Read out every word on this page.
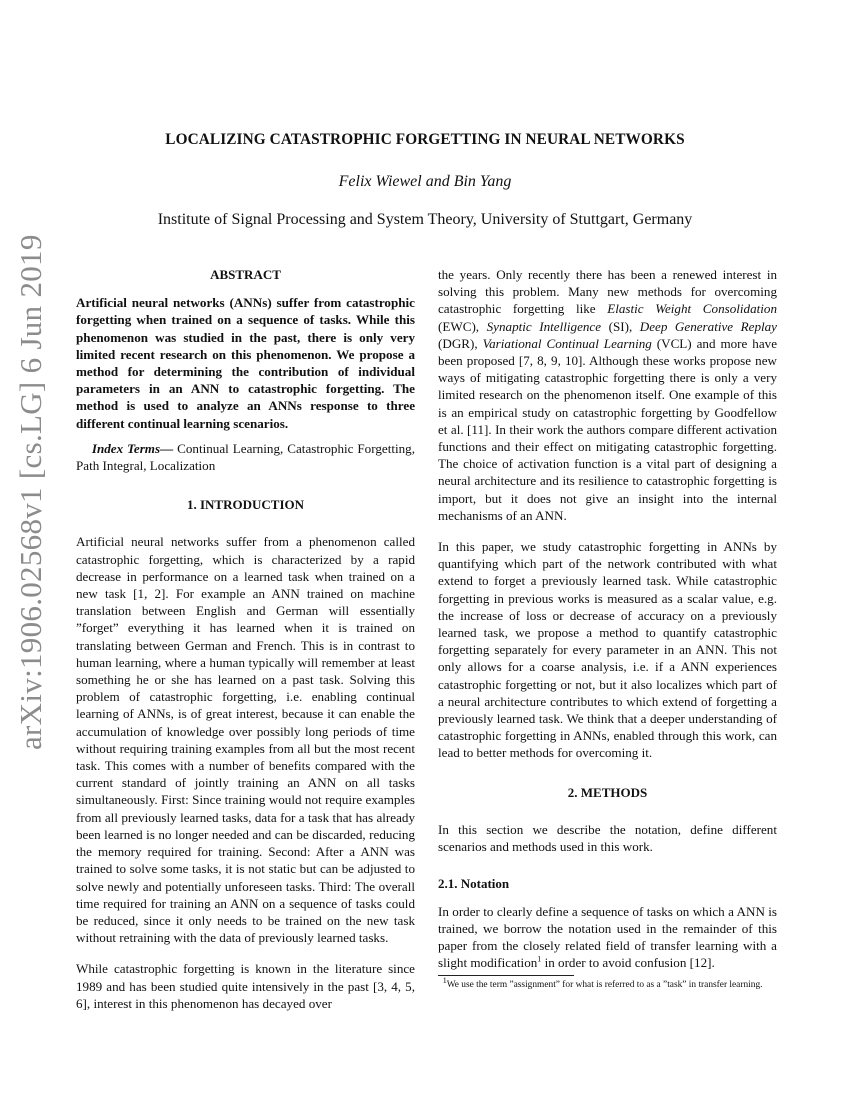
arXiv:1906.02568v1 [cs.LG] 6 Jun 2019
LOCALIZING CATASTROPHIC FORGETTING IN NEURAL NETWORKS
Felix Wiewel and Bin Yang
Institute of Signal Processing and System Theory, University of Stuttgart, Germany
ABSTRACT

Artificial neural networks (ANNs) suffer from catastrophic forgetting when trained on a sequence of tasks. While this phenomenon was studied in the past, there is only very limited recent research on this phenomenon. We propose a method for determining the contribution of individual parameters in an ANN to catastrophic forgetting. The method is used to analyze an ANNs response to three different continual learning scenarios.

Index Terms— Continual Learning, Catastrophic Forgetting, Path Integral, Localization

1. INTRODUCTION

Artificial neural networks suffer from a phenomenon called catastrophic forgetting, which is characterized by a rapid decrease in performance on a learned task when trained on a new task [1, 2]. For example an ANN trained on machine translation between English and German will essentially ”forget” everything it has learned when it is trained on translating between German and French. This is in contrast to human learning, where a human typically will remember at least something he or she has learned on a past task. Solving this problem of catastrophic forgetting, i.e. enabling continual learning of ANNs, is of great interest, because it can enable the accumulation of knowledge over possibly long periods of time without requiring training examples from all but the most recent task. This comes with a number of benefits compared with the current standard of jointly training an ANN on all tasks simultaneously. First: Since training would not require examples from all previously learned tasks, data for a task that has already been learned is no longer needed and can be discarded, reducing the memory required for training. Second: After a ANN was trained to solve some tasks, it is not static but can be adjusted to solve newly and potentially unforeseen tasks. Third: The overall time required for training an ANN on a sequence of tasks could be reduced, since it only needs to be trained on the new task without retraining with the data of previously learned tasks.

While catastrophic forgetting is known in the literature since 1989 and has been studied quite intensively in the past [3, 4, 5, 6], interest in this phenomenon has decayed over

the years. Only recently there has been a renewed interest in solving this problem. Many new methods for overcoming catastrophic forgetting like Elastic Weight Consolidation (EWC), Synaptic Intelligence (SI), Deep Generative Replay (DGR), Variational Continual Learning (VCL) and more have been proposed [7, 8, 9, 10]. Although these works propose new ways of mitigating catastrophic forgetting there is only a very limited research on the phenomenon itself. One example of this is an empirical study on catastrophic forgetting by Goodfellow et al. [11]. In their work the authors compare different activation functions and their effect on mitigating catastrophic forgetting. The choice of activation function is a vital part of designing a neural architecture and its resilience to catastrophic forgetting is import, but it does not give an insight into the internal mechanisms of an ANN.

In this paper, we study catastrophic forgetting in ANNs by quantifying which part of the network contributed with what extend to forget a previously learned task. While catastrophic forgetting in previous works is measured as a scalar value, e.g. the increase of loss or decrease of accuracy on a previously learned task, we propose a method to quantify catastrophic forgetting separately for every parameter in an ANN. This not only allows for a coarse analysis, i.e. if a ANN experiences catastrophic forgetting or not, but it also localizes which part of a neural architecture contributes to which extend of forgetting a previously learned task. We think that a deeper understanding of catastrophic forgetting in ANNs, enabled through this work, can lead to better methods for overcoming it.

2. METHODS

In this section we describe the notation, define different scenarios and methods used in this work.

2.1. Notation

In order to clearly define a sequence of tasks on which a ANN is trained, we borrow the notation used in the remainder of this paper from the closely related field of transfer learning with a slight modification$^1$ in order to avoid confusion [12].

$^1$We use the term ”assignment” for what is referred to as a ”task” in transfer learning.
